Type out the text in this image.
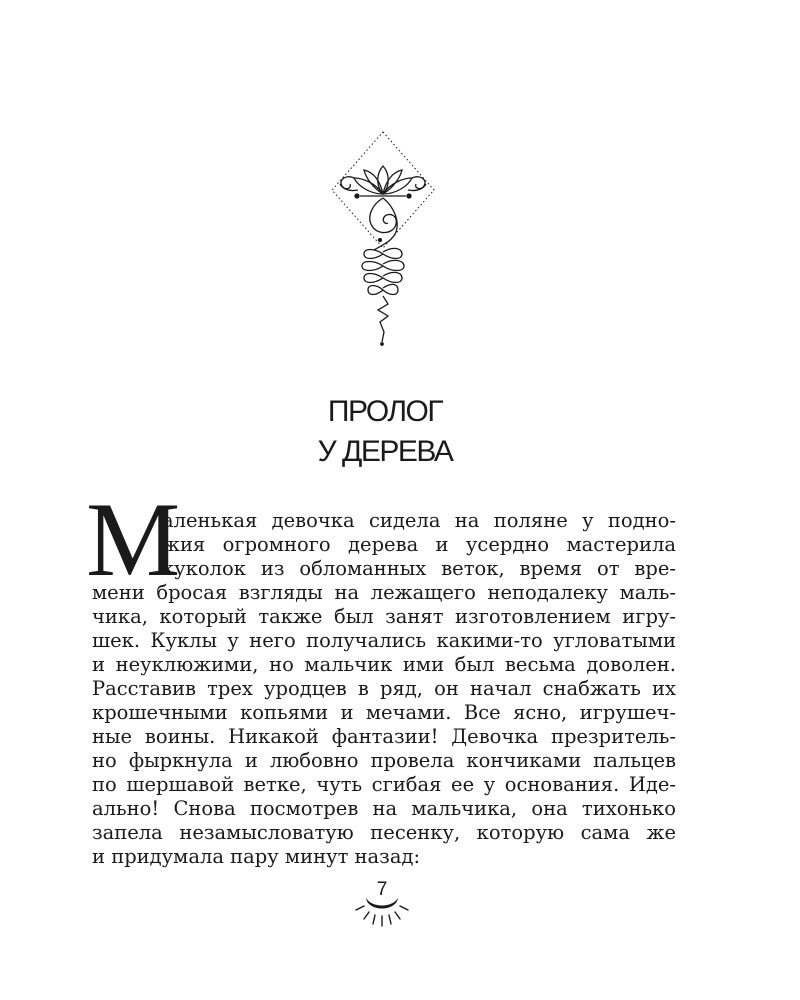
ПРОЛОГ
У ДЕРЕВА
М
аленькая девочка сидела на поляне у подно-
жия огромного дерева и усердно мастерила
куколок из обломанных веток, время от вре-
мени бросая взгляды на лежащего неподалеку маль-
чика, который также был занят изготовлением игру-
шек. Куклы у него получались какими-то угловатыми
и неуклюжими, но мальчик ими был весьма доволен.
Расставив трех уродцев в ряд, он начал снабжать их
крошечными копьями и мечами. Все ясно, игрушеч-
ные воины. Никакой фантазии! Девочка презритель-
но фыркнула и любовно провела кончиками пальцев
по шершавой ветке, чуть сгибая ее у основания. Иде-
ально! Снова посмотрев на мальчика, она тихонько
запела незамысловатую песенку, которую сама же
и придумала пару минут назад:
7
